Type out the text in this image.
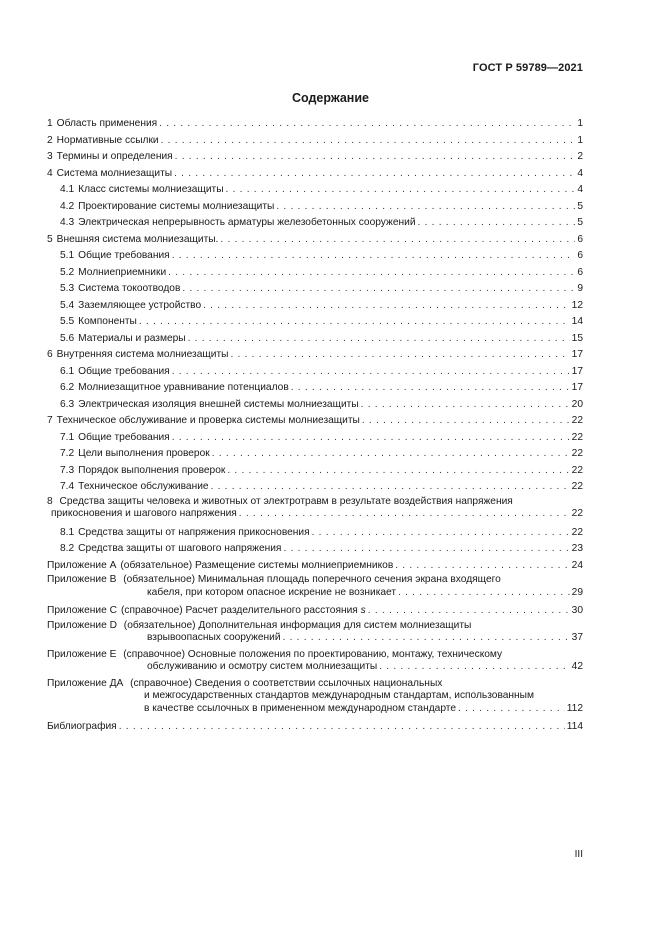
ГОСТ Р 59789—2021
Содержание
1 Область применения . . .	1
2 Нормативные ссылки . . .	1
3 Термины и определения . . .	2
4 Система молниезащиты . . .	4
4.1 Класс системы молниезащиты . . .	4
4.2 Проектирование системы молниезащиты . . .	5
4.3 Электрическая непрерывность арматуры железобетонных сооружений . . .	5
5 Внешняя система молниезащиты. . . .	6
5.1 Общие требования . . .	6
5.2 Молниеприемники . . .	6
5.3 Система токоотводов . . .	9
5.4 Заземляющее устройство . . .	12
5.5 Компоненты . . .	14
5.6 Материалы и размеры . . .	15
6 Внутренняя система молниезащиты . . .	17
6.1 Общие требования . . .	17
6.2 Молниезащитное уравнивание потенциалов . . .	17
6.3 Электрическая изоляция внешней системы молниезащиты . . .	20
7 Техническое обслуживание и проверка системы молниезащиты . . .	22
7.1 Общие требования . . .	22
7.2 Цели выполнения проверок . . .	22
7.3 Порядок выполнения проверок . . .	22
7.4 Техническое обслуживание . . .	22
8 Средства защиты человека и животных от электротравм в результате воздействия напряжения
прикосновения и шагового напряжения . . .	22
8.1 Средства защиты от напряжения прикосновения . . .	22
8.2 Средства защиты от шагового напряжения . . .	23
Приложение А (обязательное) Размещение системы молниеприемников . . .	24
Приложение В (обязательное) Минимальная площадь поперечного сечения экрана входящего
кабеля, при котором опасное искрение не возникает . . .	29
Приложение С (справочное) Расчет разделительного расстояния s . . .	30
Приложение D (обязательное) Дополнительная информация для систем молниезащиты
взрывоопасных сооружений . . .	37
Приложение Е (справочное) Основные положения по проектированию, монтажу, техническому
обслуживанию и осмотру систем молниезащиты . . .	42
Приложение ДА (справочное) Сведения о соответствии ссылочных национальных
и межгосударственных стандартов международным стандартам, использованным
в качестве ссылочных в примененном международном стандарте . . .	112
Библиография . . .	114
III
